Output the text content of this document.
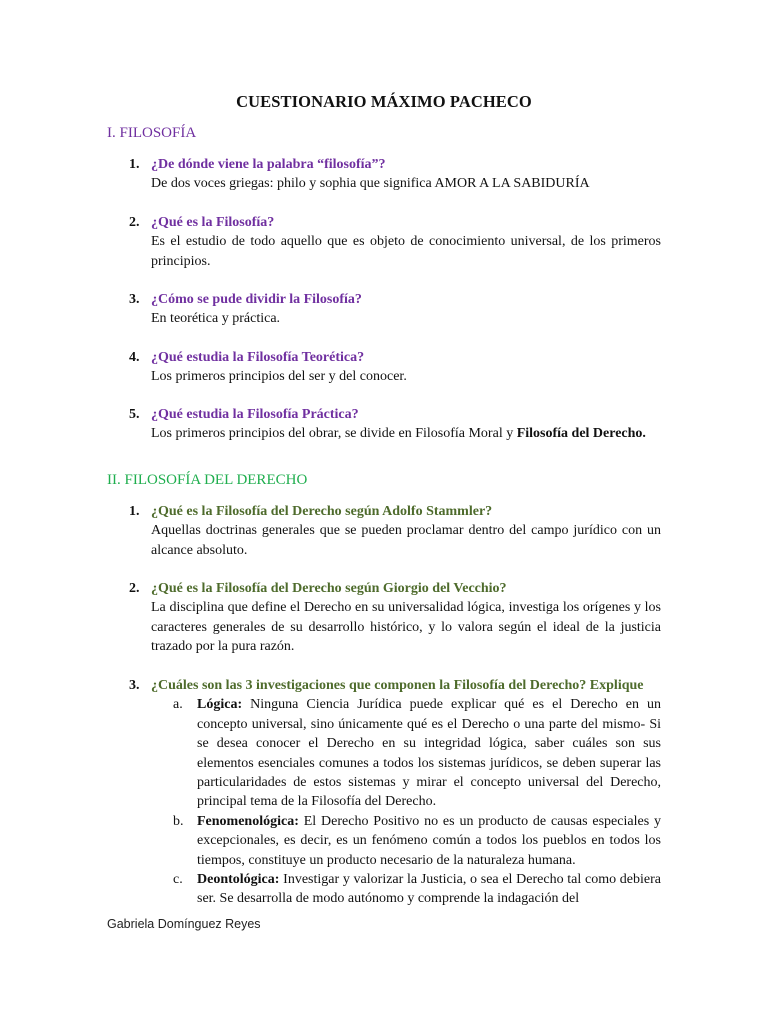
CUESTIONARIO MÁXIMO PACHECO
I. FILOSOFÍA
1. ¿De dónde viene la palabra “filosofía”?
De dos voces griegas: philo y sophia que significa AMOR A LA SABIDURÍA
2. ¿Qué es la Filosofía?
Es el estudio de todo aquello que es objeto de conocimiento universal, de los primeros principios.
3. ¿Cómo se pude dividir la Filosofía?
En teorética y práctica.
4. ¿Qué estudia la Filosofía Teorética?
Los primeros principios del ser y del conocer.
5. ¿Qué estudia la Filosofía Práctica?
Los primeros principios del obrar, se divide en Filosofía Moral y Filosofía del Derecho.
II. FILOSOFÍA DEL DERECHO
1. ¿Qué es la Filosofía del Derecho según Adolfo Stammler?
Aquellas doctrinas generales que se pueden proclamar dentro del campo jurídico con un alcance absoluto.
2. ¿Qué es la Filosofía del Derecho según Giorgio del Vecchio?
La disciplina que define el Derecho en su universalidad lógica, investiga los orígenes y los caracteres generales de su desarrollo histórico, y lo valora según el ideal de la justicia trazado por la pura razón.
3. ¿Cuáles son las 3 investigaciones que componen la Filosofía del Derecho? Explique
a.	Lógica: Ninguna Ciencia Jurídica puede explicar qué es el Derecho en un concepto universal, sino únicamente qué es el Derecho o una parte del mismo- Si se desea conocer el Derecho en su integridad lógica, saber cuáles son sus elementos esenciales comunes a todos los sistemas jurídicos, se deben superar las particularidades de estos sistemas y mirar el concepto universal del Derecho, principal tema de la Filosofía del Derecho.
b. Fenomenológica: El Derecho Positivo no es un producto de causas especiales y excepcionales, es decir, es un fenómeno común a todos los pueblos en todos los tiempos, constituye un producto necesario de la naturaleza humana.
c.	Deontológica: Investigar y valorizar la Justicia, o sea el Derecho tal como debiera ser. Se desarrolla de modo autónomo y comprende la indagación del
Gabriela Domínguez Reyes
